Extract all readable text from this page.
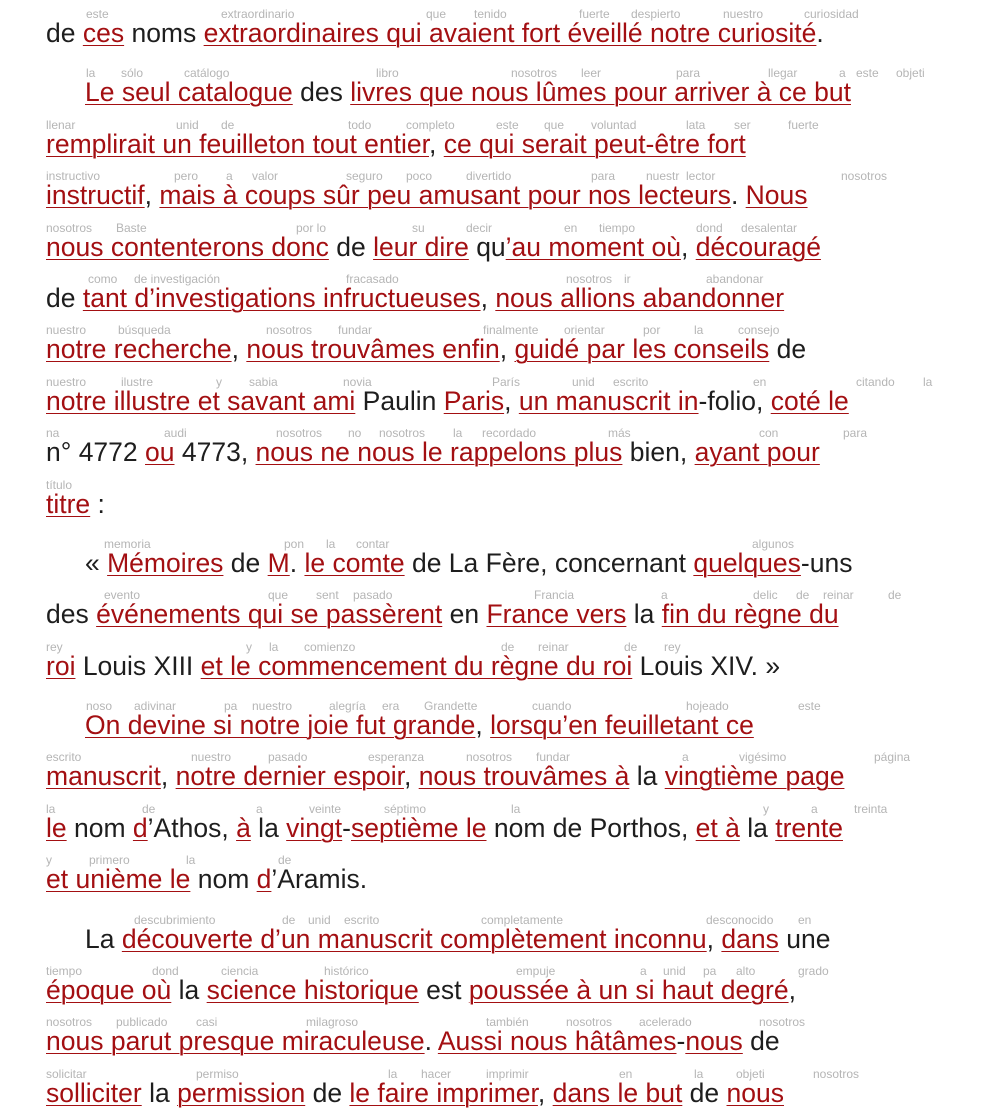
este	extraordinario	que tenido	fuerte despierto	nuestro	curiosidad
de ces noms extraordinaires qui avaient fort éveillé notre curiosité.
la sólo	catálogo	libro	nosotros leer	para	llegar	a este objeti
Le seul catalogue des livres que nous lûmes pour arriver à ce but
llenar	unid de	todo	completo	este que voluntad	lata ser	fuerte
remplirait un feuilleton tout entier, ce qui serait peut-être fort
instructivo	pero a valor	seguro poco	divertido	para	nuestr lector	nosotros
instructif, mais à coups sûr peu amusant pour nos lecteurs. Nous
nosotros Baste	por lo	su	decir	en tiempo	dond desalentar
nous contenterons donc de leur dire qu’au moment où, découragé
como de investigación	fracasado	nosotros ir	abandonar
de tant d’investigations infructueuses, nous allions abandonner
nuestro	búsqueda	nosotros fundar	finalmente orientar	por	la	consejo
notre recherche, nous trouvâmes enfin, guidé par les conseils de
nuestro	ilustre	y sabia	novia	París	unid escrito	en	citando la
notre illustre et savant ami Paulin Paris, un manuscrit in-folio, coté le
na	audi	nosotros no nosotros la recordado	más	con	para
n° 4772 ou 4773, nous ne nous le rappelons plus bien, ayant pour
título
titre :
memoria	pon la contar	algunos
« Mémoires de M. le comte de La Fère, concernant quelques-uns
evento	que sent pasado	Francia	a	delic de reinar	de
des événements qui se passèrent en France vers la fin du règne du
rey	y la comienzo	de reinar	de rey
roi Louis XIII et le commencement du règne du roi Louis XIV. »
noso adivinar	pa nuestro	alegría era Grandette	cuando	hojeado	este
On devine si notre joie fut grande, lorsqu’en feuilletant ce
escrito	nuestro	pasado	esperanza	nosotros fundar	a	vigésimo	página
manuscrit, notre dernier espoir, nous trouvâmes à la vingtième page
la	de	a	veinte	séptimo	la	y	a	treinta
le nom d’Athos, à la vingt-septième le nom de Porthos, et à la trente
y	primero	la	de
et unième le nom d’Aramis.
descubrimiento	de unid escrito	completamente	desconocido en
La découverte d’un manuscrit complètement inconnu, dans une
tiempo	dond	ciencia	histórico	empuje	a unid pa alto	grado
époque où la science historique est poussée à un si haut degré,
nosotros publicado casi	milagroso	también	nosotros acelerado	nosotros
nous parut presque miraculeuse. Aussi nous hâtâmes-nous de
solicitar	permiso	la hacer	imprimir	en	la	objeti	nosotros
solliciter la permission de le faire imprimer, dans le but de nous
